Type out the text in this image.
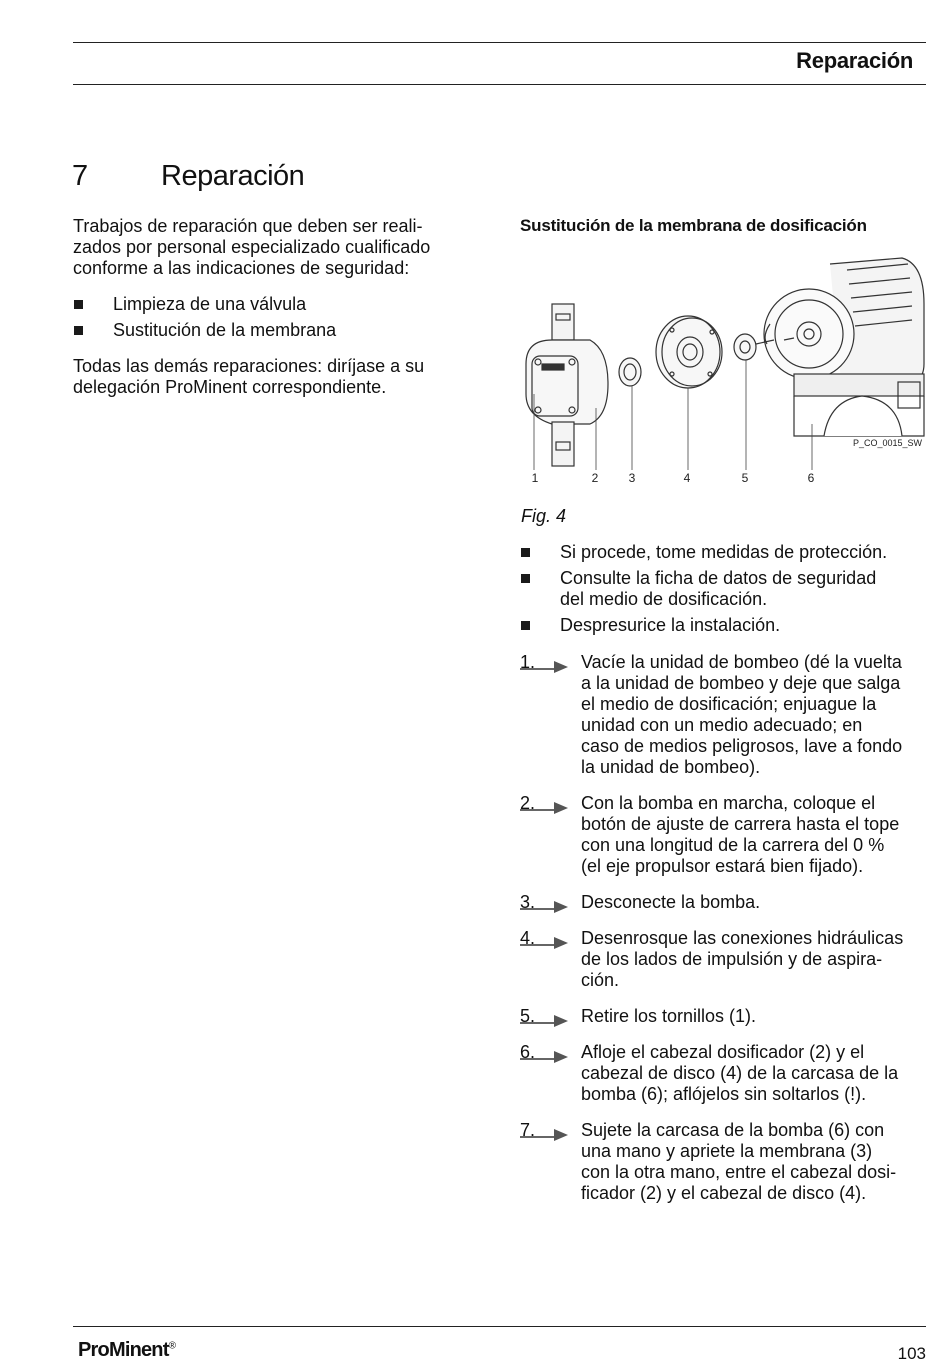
Reparación
7	Reparación

Trabajos de reparación que deben ser reali-
zados por personal especializado cualificado
conforme a las indicaciones de seguridad:

Limpieza de una válvula
Sustitución de la membrana

Todas las demás reparaciones: diríjase a su
delegación ProMinent correspondiente.

Sustitución de la membrana de dosificación
P_CO_0015_SW
1	2	3	4	5	6
Fig. 4
Si procede, tome medidas de protección.
Consulte la ficha de datos de seguridad
del medio de dosificación.
Despresurice la instalación.
1.	Vacíe la unidad de bombeo (dé la vuelta
a la unidad de bombeo y deje que salga
el medio de dosificación; enjuague la
unidad con un medio adecuado; en
caso de medios peligrosos, lave a fondo
la unidad de bombeo).
2.	Con la bomba en marcha, coloque el
botón de ajuste de carrera hasta el tope
con una longitud de la carrera del 0 %
(el eje propulsor estará bien fijado).
3.	Desconecte la bomba.
4.	Desenrosque las conexiones hidráulicas
de los lados de impulsión y de aspira-
ción.
5.	Retire los tornillos (1).
6.	Afloje el cabezal dosificador (2) y el
cabezal de disco (4) de la carcasa de la
bomba (6); aflójelos sin soltarlos (!).
7.	Sujete la carcasa de la bomba (6) con
una mano y apriete la membrana (3)
con la otra mano, entre el cabezal dosi-
ficador (2) y el cabezal de disco (4).
ProMinent®	103
